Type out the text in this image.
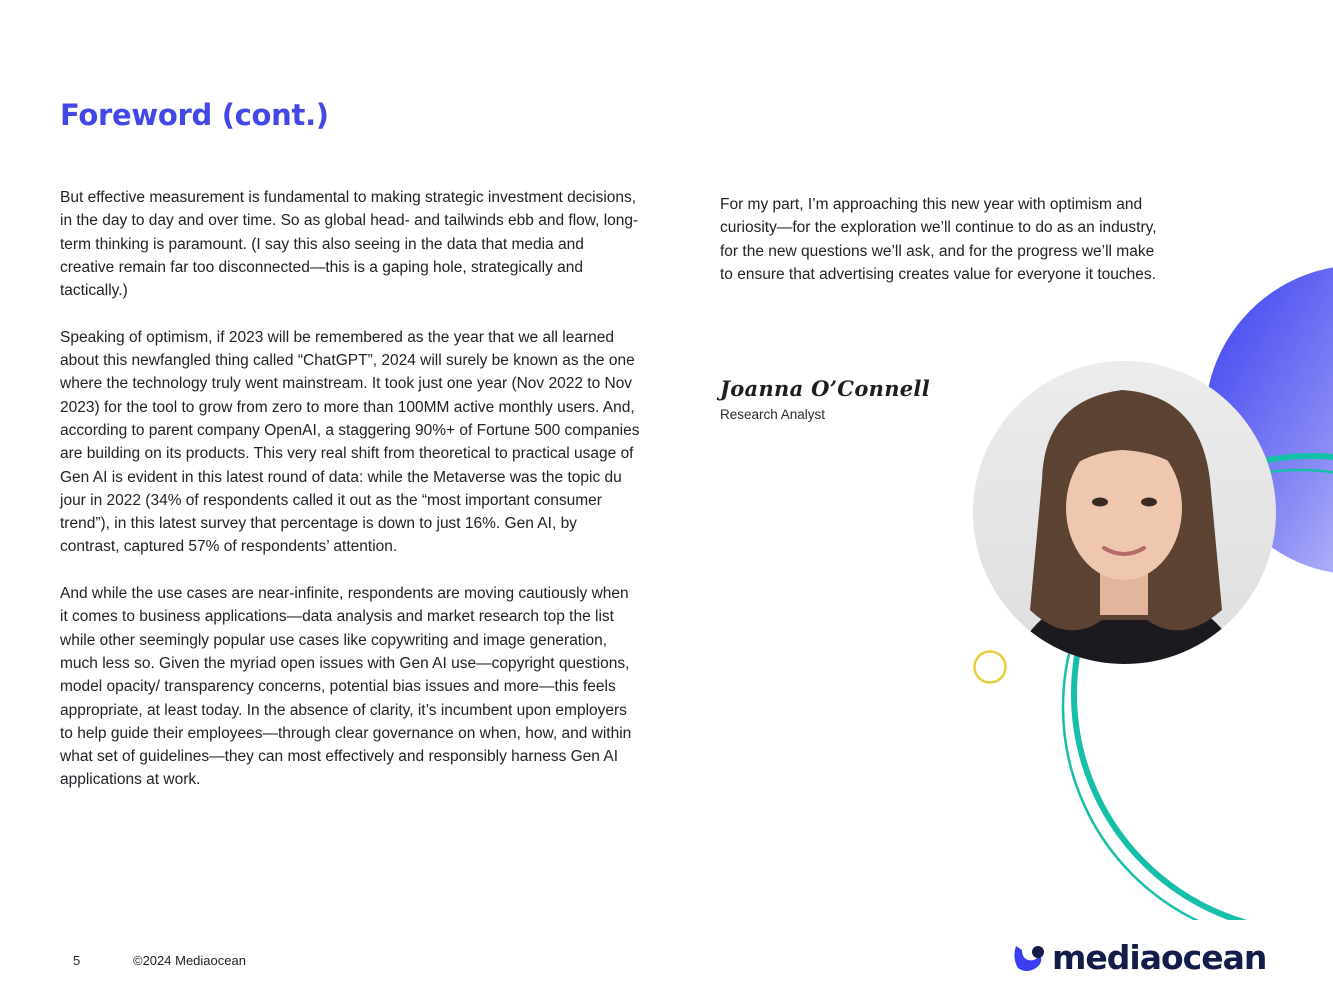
Foreword (cont.)

But effective measurement is fundamental to making strategic investment decisions, in the day to day and over time. So as global head- and tailwinds ebb and flow, long-term thinking is paramount. (I say this also seeing in the data that media and creative remain far too disconnected—this is a gaping hole, strategically and tactically.)

Speaking of optimism, if 2023 will be remembered as the year that we all learned about this newfangled thing called “ChatGPT”, 2024 will surely be known as the one where the technology truly went mainstream. It took just one year (Nov 2022 to Nov 2023) for the tool to grow from zero to more than 100MM active monthly users. And, according to parent company OpenAI, a staggering 90%+ of Fortune 500 companies are building on its products. This very real shift from theoretical to practical usage of Gen AI is evident in this latest round of data: while the Metaverse was the topic du jour in 2022 (34% of respondents called it out as the “most important consumer trend”), in this latest survey that percentage is down to just 16%. Gen AI, by contrast, captured 57% of respondents’ attention.

And while the use cases are near-infinite, respondents are moving cautiously when it comes to business applications—data analysis and market research top the list while other seemingly popular use cases like copywriting and image generation, much less so. Given the myriad open issues with Gen AI use—copyright questions, model opacity/ transparency concerns, potential bias issues and more—this feels appropriate, at least today. In the absence of clarity, it’s incumbent upon employers to help guide their employees—through clear governance on when, how, and within what set of guidelines—they can most effectively and responsibly harness Gen AI applications at work.

For my part, I’m approaching this new year with optimism and curiosity—for the exploration we’ll continue to do as an industry, for the new questions we’ll ask, and for the progress we’ll make to ensure that advertising creates value for everyone it touches.

Joanna O’Connell
Research Analyst
5	©2024 Mediaocean	mediaocean
